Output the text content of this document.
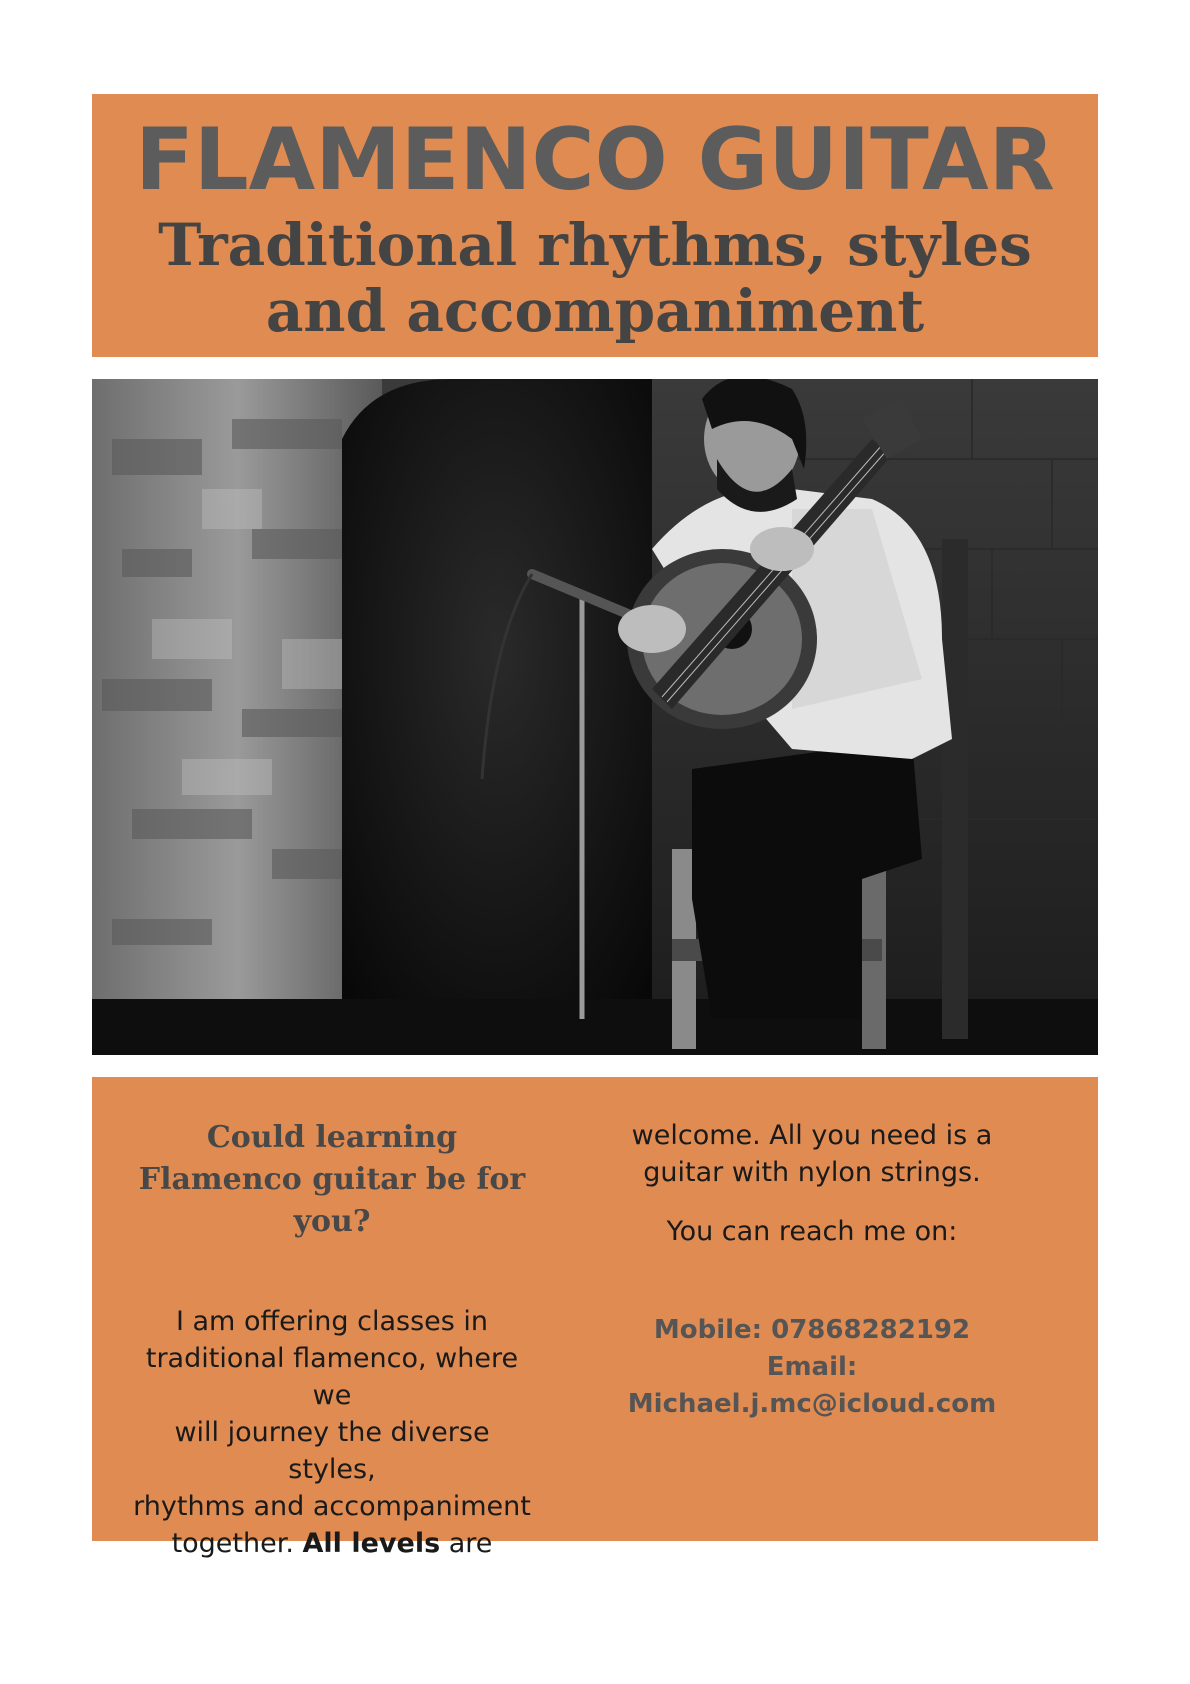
FLAMENCO GUITAR
Traditional rhythms, styles
and accompaniment
Could learning
Flamenco guitar be for
you?
I am offering classes in
traditional flamenco, where we
will journey the diverse styles,
rhythms and accompaniment
together. All levels are
welcome. All you need is a
guitar with nylon strings.
You can reach me on:
Mobile: 07868282192
Email:
Michael.j.mc@icloud.com
